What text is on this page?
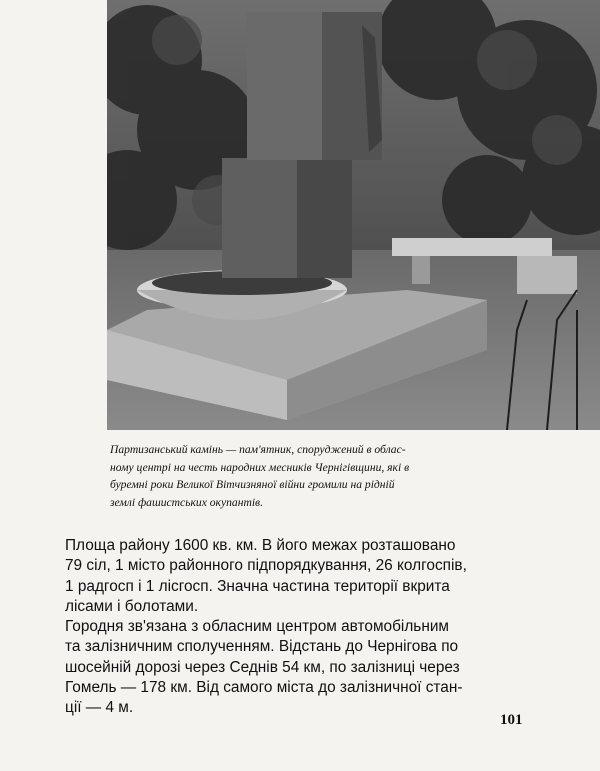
Партизанський камінь — пам'ятник, споруджений в облас-
ному центрі на честь народних месників Чернігівщини, які в
буремні роки Великої Вітчизняної війни громили на рідній
землі фашистських окупантів.
Площа району 1600 кв. км. В його межах розташовано
79 сіл, 1 місто районного підпорядкування, 26 колгоспів,
1 радгосп і 1 лісгосп. Значна частина території вкрита
лісами і болотами.
Городня зв'язана з обласним центром автомобільним
та залізничним сполученням. Відстань до Чернігова по
шосейній дорозі через Седнів 54 км, по залізниці через
Гомель — 178 км. Від самого міста до залізничної стан-
ції — 4 м.
101
